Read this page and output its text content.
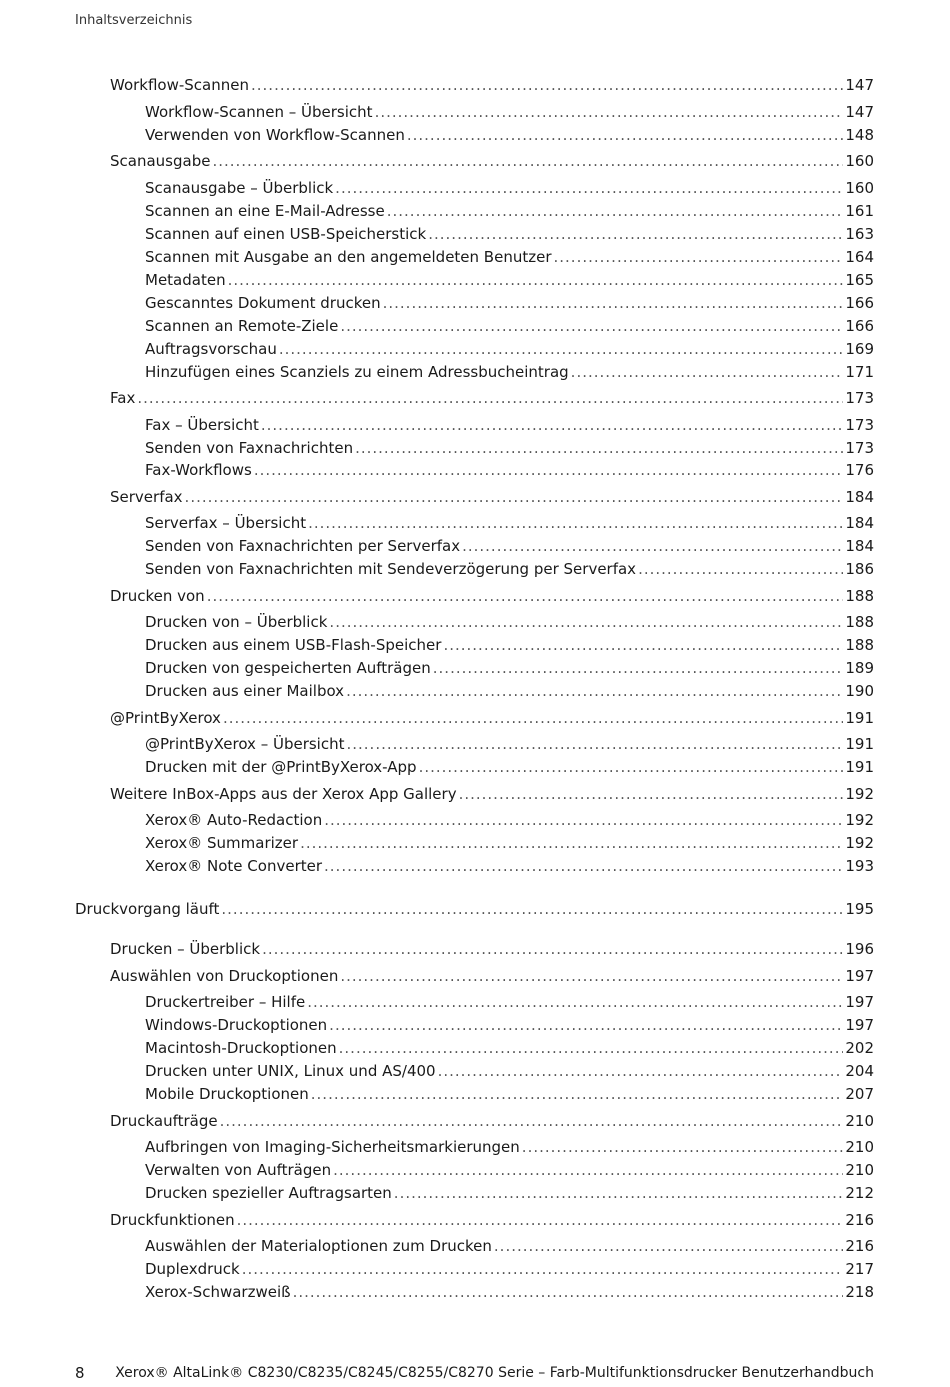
Inhaltsverzeichnis
Workflow-Scannen .....	147
Workflow-Scannen – Übersicht .....	147
Verwenden von Workflow-Scannen .....	148
Scanausgabe .....	160
Scanausgabe – Überblick .....	160
Scannen an eine E-Mail-Adresse .....	161
Scannen auf einen USB-Speicherstick .....	163
Scannen mit Ausgabe an den angemeldeten Benutzer .....	164
Metadaten .....	165
Gescanntes Dokument drucken .....	166
Scannen an Remote-Ziele .....	166
Auftragsvorschau .....	169
Hinzufügen eines Scanziels zu einem Adressbucheintrag .....	171
Fax .....	173
Fax – Übersicht .....	173
Senden von Faxnachrichten .....	173
Fax-Workflows .....	176
Serverfax .....	184
Serverfax – Übersicht .....	184
Senden von Faxnachrichten per Serverfax .....	184
Senden von Faxnachrichten mit Sendeverzögerung per Serverfax .....	186
Drucken von .....	188
Drucken von – Überblick .....	188
Drucken aus einem USB-Flash-Speicher .....	188
Drucken von gespeicherten Aufträgen .....	189
Drucken aus einer Mailbox .....	190
@PrintByXerox .....	191
@PrintByXerox – Übersicht .....	191
Drucken mit der @PrintByXerox-App .....	191
Weitere InBox-Apps aus der Xerox App Gallery .....	192
Xerox® Auto-Redaction .....	192
Xerox® Summarizer .....	192
Xerox® Note Converter .....	193
Druckvorgang läuft .....	195
Drucken – Überblick .....	196
Auswählen von Druckoptionen .....	197
Druckertreiber – Hilfe .....	197
Windows-Druckoptionen .....	197
Macintosh-Druckoptionen .....	202
Drucken unter UNIX, Linux und AS/400 .....	204
Mobile Druckoptionen .....	207
Druckaufträge .....	210
Aufbringen von Imaging-Sicherheitsmarkierungen .....	210
Verwalten von Aufträgen .....	210
Drucken spezieller Auftragsarten .....	212
Druckfunktionen .....	216
Auswählen der Materialoptionen zum Drucken .....	216
Duplexdruck .....	217
Xerox-Schwarzweiß .....	218
8 Xerox® AltaLink® C8230/C8235/C8245/C8255/C8270 Serie – Farb-Multifunktionsdrucker Benutzerhandbuch
